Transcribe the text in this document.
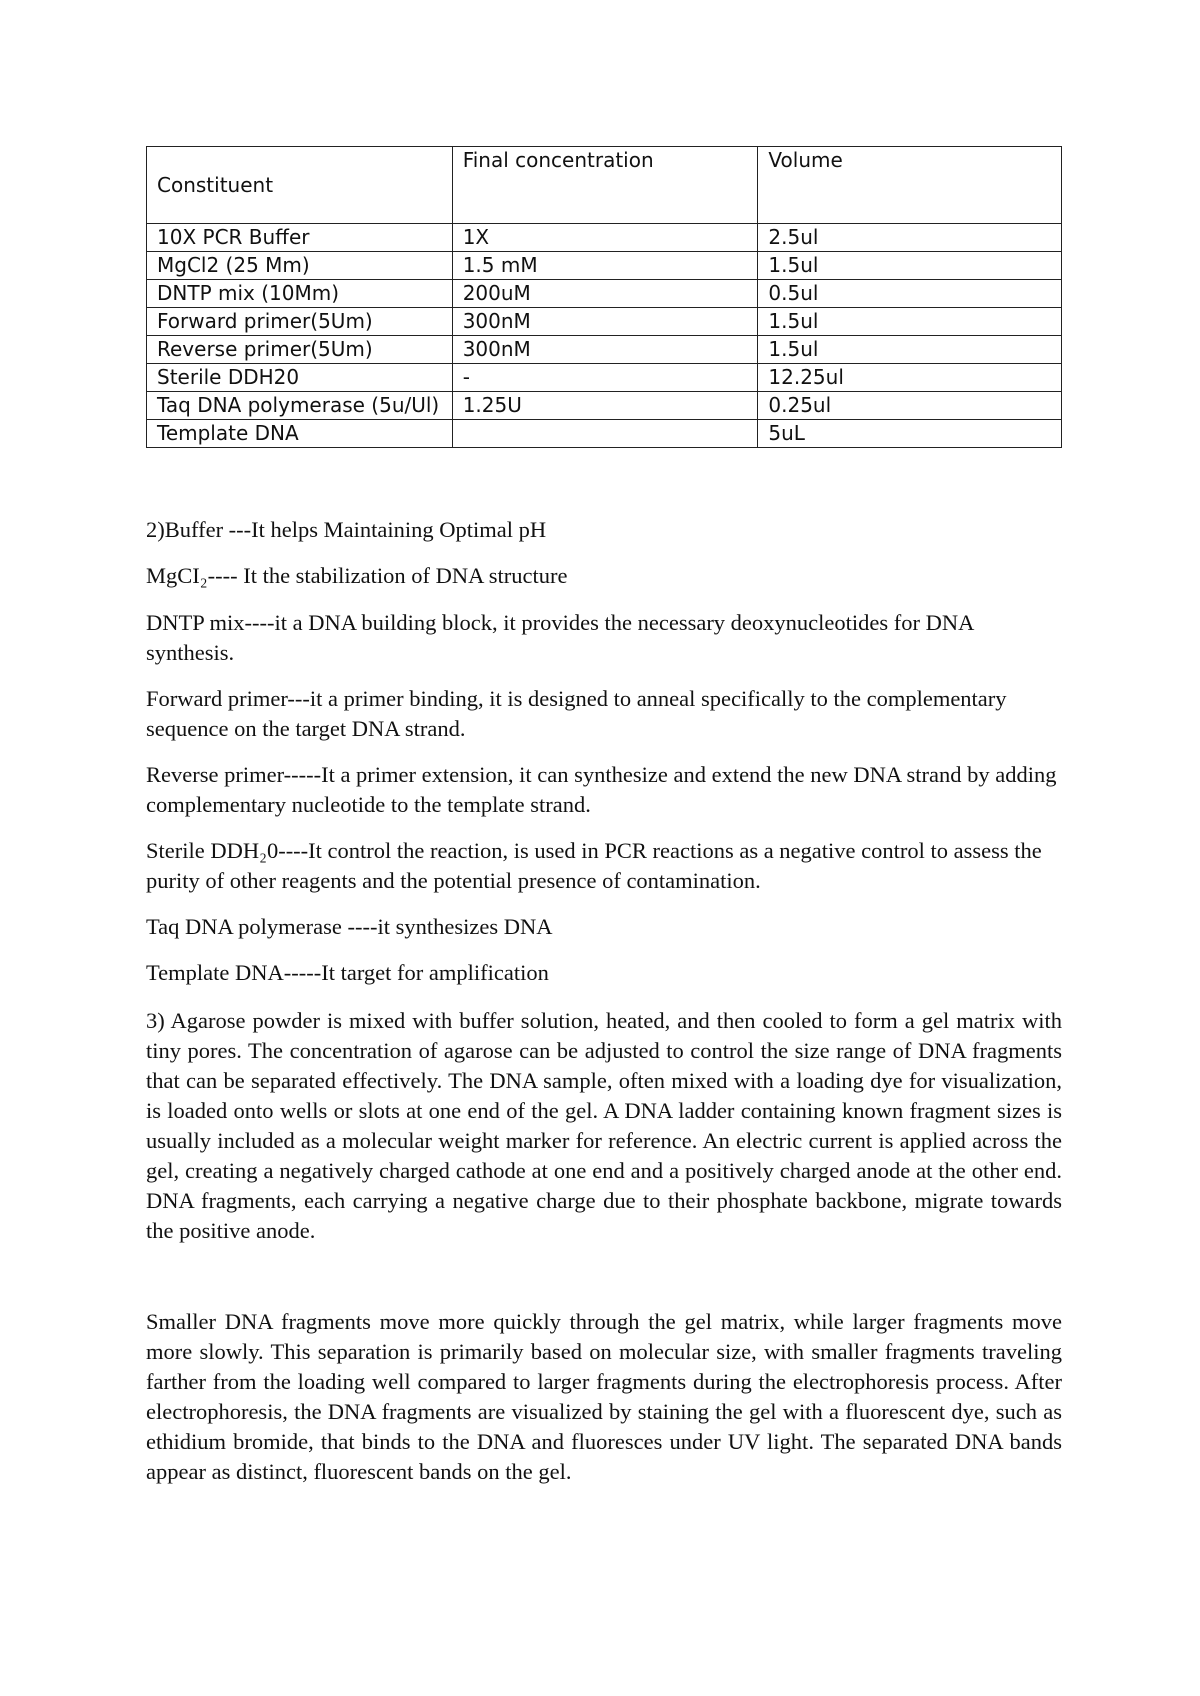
Constituent	Final concentration	Volume
10X PCR Buffer	1X	2.5ul
MgCl2 (25 Mm)	1.5 mM	1.5ul
DNTP mix (10Mm)	200uM	0.5ul
Forward primer(5Um)	300nM	1.5ul
Reverse primer(5Um)	300nM	1.5ul
Sterile DDH20	-	12.25ul
Taq DNA polymerase (5u/Ul)	1.25U	0.25ul
Template DNA		5uL

2)Buffer ---It helps Maintaining Optimal pH

MgCI₂---- It the stabilization of DNA structure

DNTP mix----it a DNA building block, it provides the necessary deoxynucleotides for DNA synthesis.

Forward primer---it a primer binding, it is designed to anneal specifically to the complementary sequence on the target DNA strand.

Reverse primer-----It a primer extension, it can synthesize and extend the new DNA strand by adding complementary nucleotide to the template strand.

Sterile DDH₂0----It control the reaction, is used in PCR reactions as a negative control to assess the purity of other reagents and the potential presence of contamination.

Taq DNA polymerase ----it synthesizes DNA

Template DNA-----It target for amplification

3) Agarose powder is mixed with buffer solution, heated, and then cooled to form a gel matrix with tiny pores. The concentration of agarose can be adjusted to control the size range of DNA fragments that can be separated effectively. The DNA sample, often mixed with a loading dye for visualization, is loaded onto wells or slots at one end of the gel. A DNA ladder containing known fragment sizes is usually included as a molecular weight marker for reference. An electric current is applied across the gel, creating a negatively charged cathode at one end and a positively charged anode at the other end. DNA fragments, each carrying a negative charge due to their phosphate backbone, migrate towards the positive anode.

Smaller DNA fragments move more quickly through the gel matrix, while larger fragments move more slowly. This separation is primarily based on molecular size, with smaller fragments traveling farther from the loading well compared to larger fragments during the electrophoresis process. After electrophoresis, the DNA fragments are visualized by staining the gel with a fluorescent dye, such as ethidium bromide, that binds to the DNA and fluoresces under UV light. The separated DNA bands appear as distinct, fluorescent bands on the gel.
